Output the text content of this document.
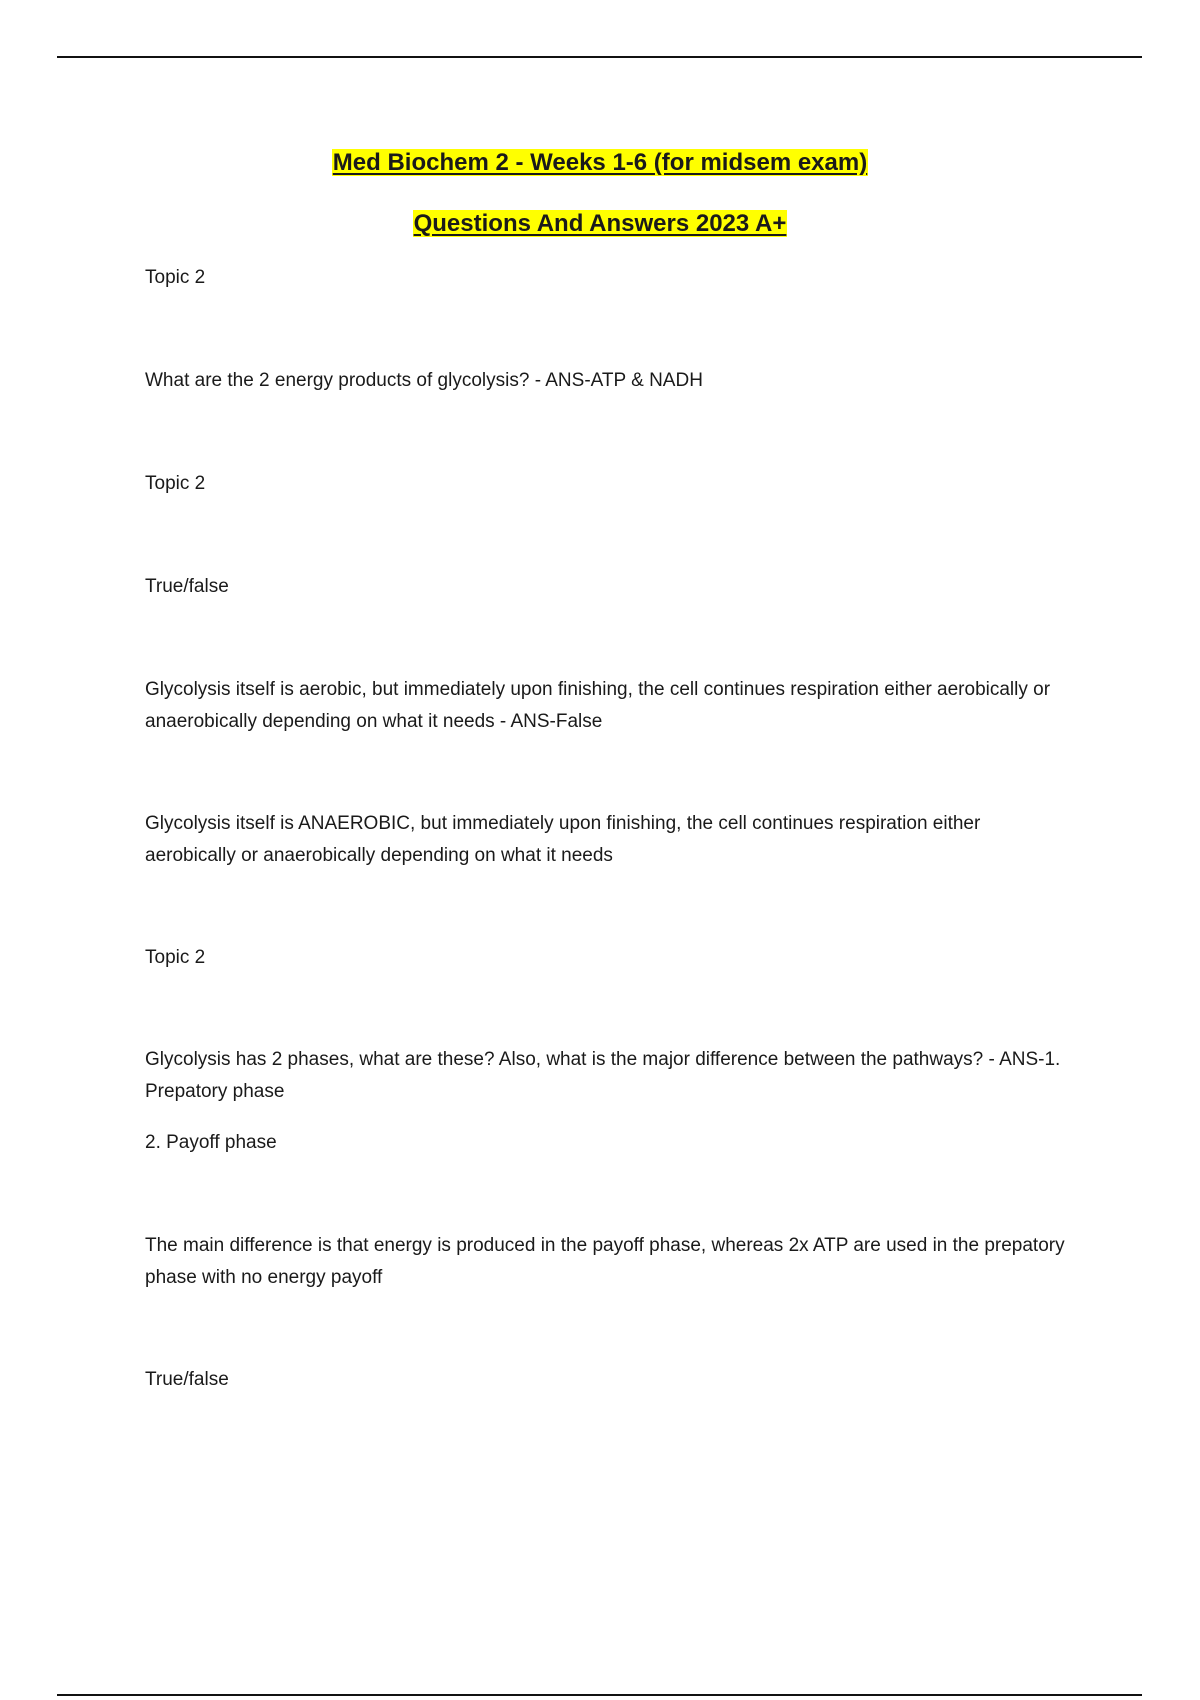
Med Biochem 2 - Weeks 1-6 (for midsem exam)
Questions And Answers 2023 A+

Topic 2

What are the 2 energy products of glycolysis? - ANS-ATP & NADH

Topic 2

True/false

Glycolysis itself is aerobic, but immediately upon finishing, the cell continues respiration either aerobically or anaerobically depending on what it needs - ANS-False

Glycolysis itself is ANAEROBIC, but immediately upon finishing, the cell continues respiration either aerobically or anaerobically depending on what it needs

Topic 2

Glycolysis has 2 phases, what are these? Also, what is the major difference between the pathways? - ANS-1. Prepatory phase

2. Payoff phase

The main difference is that energy is produced in the payoff phase, whereas 2x ATP are used in the prepatory phase with no energy payoff

True/false
